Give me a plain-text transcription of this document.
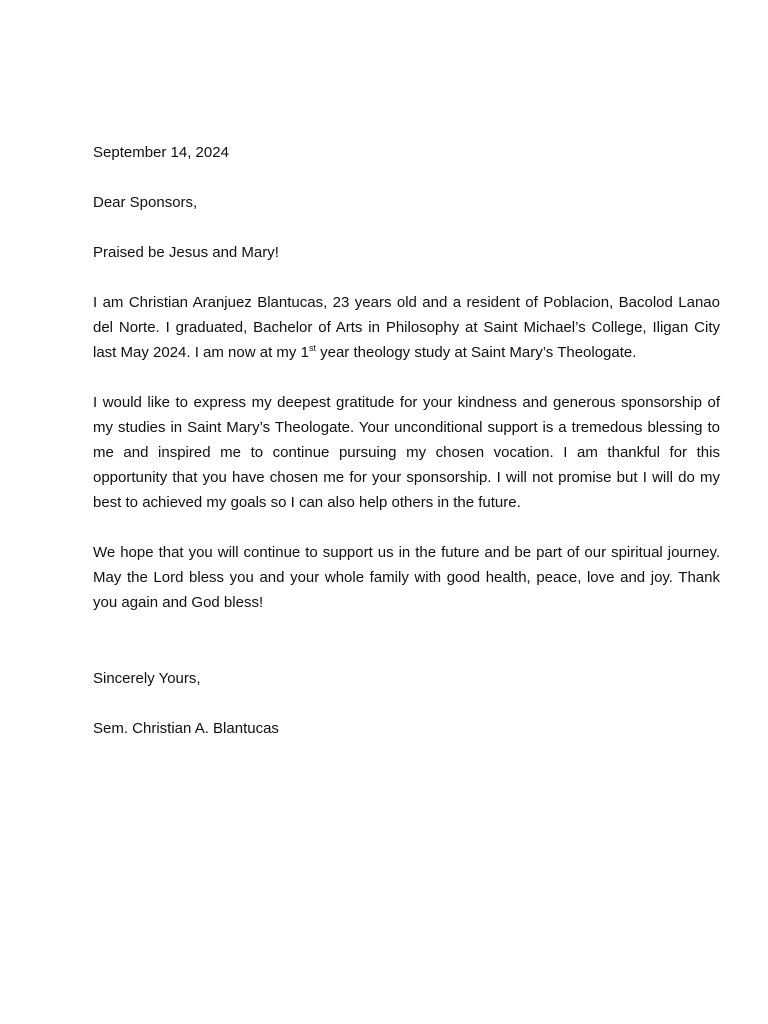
September 14, 2024

Dear Sponsors,

Praised be Jesus and Mary!

I am Christian Aranjuez Blantucas, 23 years old and a resident of Poblacion, Bacolod Lanao del Norte. I graduated, Bachelor of Arts in Philosophy at Saint Michael’s College, Iligan City last May 2024. I am now at my 1st year theology study at Saint Mary’s Theologate.

I would like to express my deepest gratitude for your kindness and generous sponsorship of my studies in Saint Mary’s Theologate. Your unconditional support is a tremedous blessing to me and inspired me to continue pursuing my chosen vocation. I am thankful for this opportunity that you have chosen me for your sponsorship. I will not promise but I will do my best to achieved my goals so I can also help others in the future.

We hope that you will continue to support us in the future and be part of our spiritual journey. May the Lord bless you and your whole family with good health, peace, love and joy. Thank you again and God bless!

Sincerely Yours,

Sem. Christian A. Blantucas
